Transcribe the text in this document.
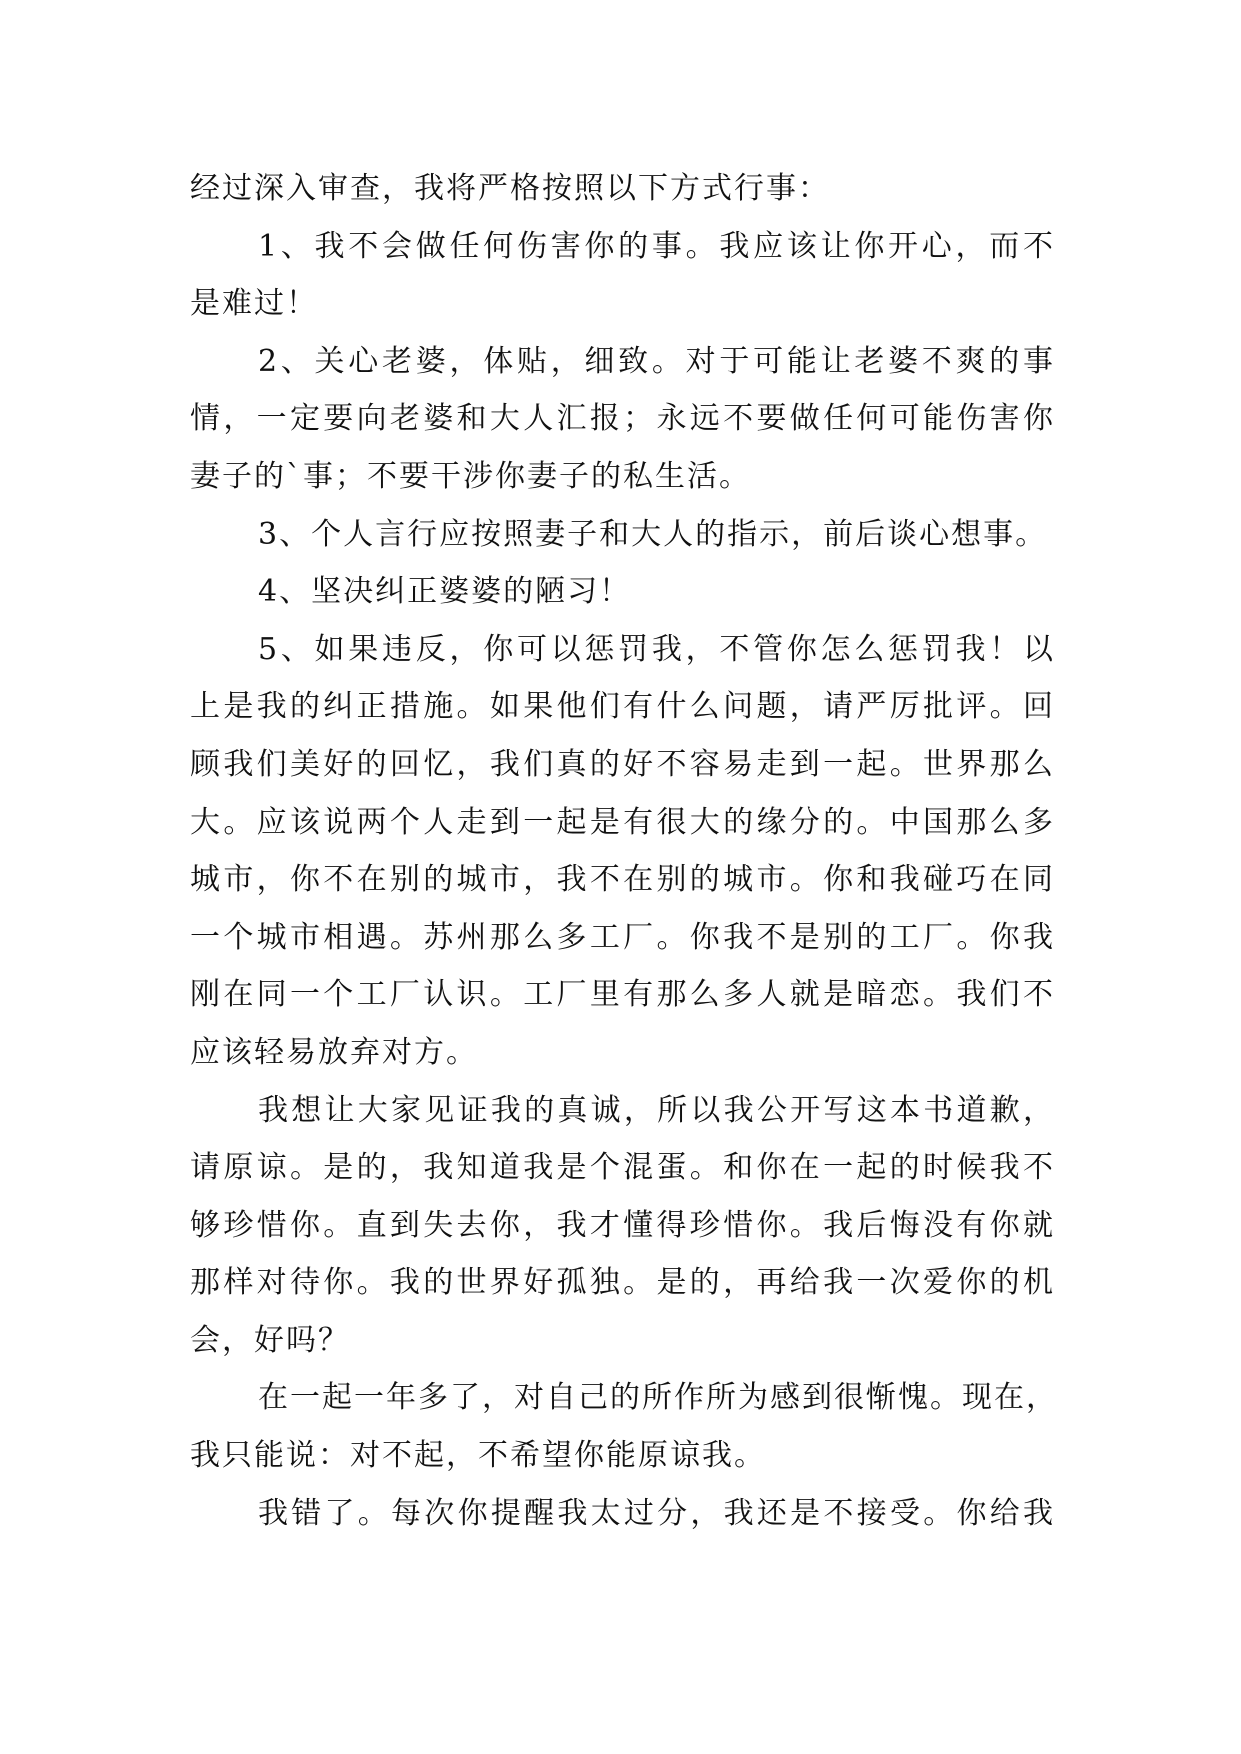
经过深入审查，我将严格按照以下方式行事：
1、我不会做任何伤害你的事。我应该让你开心，而不
是难过！
2、关心老婆，体贴，细致。对于可能让老婆不爽的事
情，一定要向老婆和大人汇报；永远不要做任何可能伤害你
妻子的`事；不要干涉你妻子的私生活。
3、个人言行应按照妻子和大人的指示，前后谈心想事。
4、坚决纠正婆婆的陋习！
5、如果违反，你可以惩罚我，不管你怎么惩罚我！以
上是我的纠正措施。如果他们有什么问题，请严厉批评。回
顾我们美好的回忆，我们真的好不容易走到一起。世界那么
大。应该说两个人走到一起是有很大的缘分的。中国那么多
城市，你不在别的城市，我不在别的城市。你和我碰巧在同
一个城市相遇。苏州那么多工厂。你我不是别的工厂。你我
刚在同一个工厂认识。工厂里有那么多人就是暗恋。我们不
应该轻易放弃对方。
我想让大家见证我的真诚，所以我公开写这本书道歉，
请原谅。是的，我知道我是个混蛋。和你在一起的时候我不
够珍惜你。直到失去你，我才懂得珍惜你。我后悔没有你就
那样对待你。我的世界好孤独。是的，再给我一次爱你的机
会，好吗？
在一起一年多了，对自己的所作所为感到很惭愧。现在，
我只能说：对不起，不希望你能原谅我。
我错了。每次你提醒我太过分，我还是不接受。你给我
